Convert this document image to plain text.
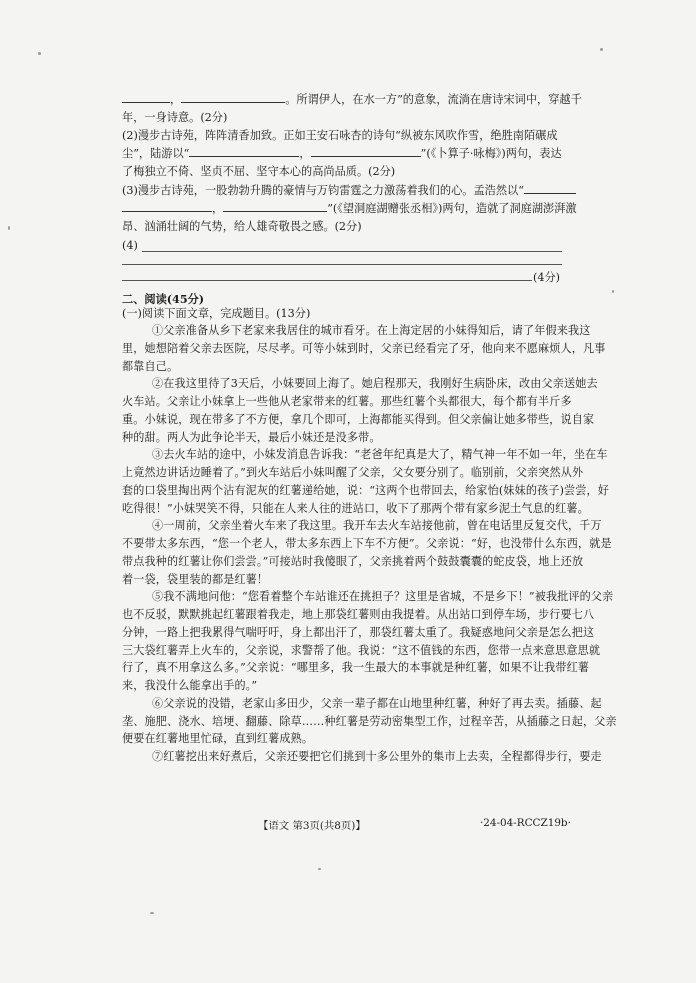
，	。所谓伊人，在水一方”的意象，流淌在唐诗宋词中，穿越千
年，一身诗意。(2分)
(2)漫步古诗苑，阵阵清香加致。正如王安石咏杏的诗句“纵被东风吹作雪，绝胜南陌碾成
尘”，陆游以“	，	”(《卜算子·咏梅》)两句，表达
了梅独立不倚、坚贞不屈、坚守本心的高尚品质。(2分)
(3)漫步古诗苑，一股勃勃升腾的豪情与万钧雷霆之力激荡着我们的心。孟浩然以“
，	”(《望洞庭湖赠张丞相》)两句，造就了洞庭湖澎湃激
昂、汹涌壮阔的气势，给人雄奇敬畏之感。(2分)
(4)
(4分)
二、阅读(45分)
(一)阅读下面文章，完成题目。(13分)
①父亲准备从乡下老家来我居住的城市看牙。在上海定居的小妹得知后，请了年假来我这
里，她想陪着父亲去医院，尽尽孝。可等小妹到时，父亲已经看完了牙，他向来不愿麻烦人，凡事
都靠自己。
②在我这里待了3天后，小妹要回上海了。她启程那天，我刚好生病卧床，改由父亲送她去
火车站。父亲让小妹拿上一些他从老家带来的红薯。那些红薯个头都很大，每个都有半斤多
重。小妹说，现在带多了不方便，拿几个即可，上海都能买得到。但父亲偏让她多带些，说自家
种的甜。两人为此争论半天，最后小妹还是没多带。
③去火车站的途中，小妹发消息告诉我：“老爸年纪真是大了，精气神一年不如一年，坐在车
上竟然边讲话边睡着了。”到火车站后小妹叫醒了父亲，父女要分别了。临别前，父亲突然从外
套的口袋里掏出两个沾有泥灰的红薯递给她，说：“这两个也带回去，给家怡(妹妹的孩子)尝尝，好
吃得很！”小妹哭笑不得，只能在人来人往的进站口，收下了那两个带有家乡泥土气息的红薯。
④一周前，父亲坐着火车来了我这里。我开车去火车站接他前，曾在电话里反复交代，千万
不要带太多东西，“您一个老人，带太多东西上下车不方便”。父亲说：“好，也没带什么东西，就是
带点我种的红薯让你们尝尝。”可接站时我傻眼了，父亲挑着两个鼓鼓囊囊的蛇皮袋，地上还放
着一袋，袋里装的都是红薯！
⑤我不满地问他：“您看着整个车站谁还在挑担子？这里是省城，不是乡下！”被我批评的父亲
也不反驳，默默挑起红薯跟着我走，地上那袋红薯则由我提着。从出站口到停车场，步行要七八
分钟，一路上把我累得气喘吁吁，身上都出汗了，那袋红薯太重了。我疑惑地问父亲是怎么把这
三大袋红薯弄上火车的，父亲说，求警帮了他。我说：“这不值钱的东西，您带一点来意思意思就
行了，真不用拿这么多。”父亲说：“哪里多，我一生最大的本事就是种红薯，如果不让我带红薯
来，我没什么能拿出手的。”
⑥父亲说的没错，老家山多田少，父亲一辈子都在山地里种红薯，种好了再去卖。插藤、起
垄、施肥、浇水、培埂、翻藤、除草……种红薯是劳动密集型工作，过程辛苦，从插藤之日起，父亲
便要在红薯地里忙碌，直到红薯成熟。
⑦红薯挖出来好煮后，父亲还要把它们挑到十多公里外的集市上去卖，全程都得步行，要走
【语文 第3页(共8页)】	·24-04-RCCZ19b·
